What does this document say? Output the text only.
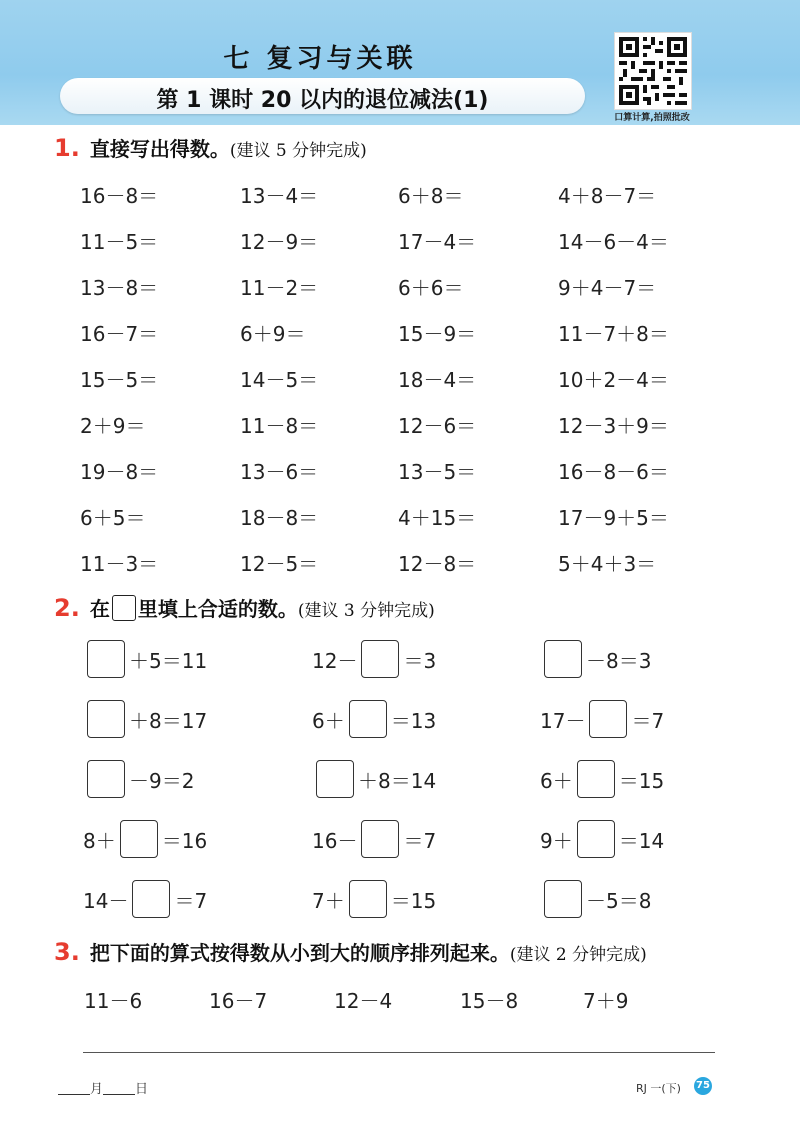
七 复习与关联
第 1 课时 20 以内的退位减法(1)
口算计算,拍照批改
1. 直接写出得数。(建议 5 分钟完成)
16－8＝	13－4＝	6＋8＝	4＋8－7＝
11－5＝	12－9＝	17－4＝	14－6－4＝
13－8＝	11－2＝	6＋6＝	9＋4－7＝
16－7＝	6＋9＝	15－9＝	11－7＋8＝
15－5＝	14－5＝	18－4＝	10＋2－4＝
2＋9＝	11－8＝	12－6＝	12－3＋9＝
19－8＝	13－6＝	13－5＝	16－8－6＝
6＋5＝	18－8＝	4＋15＝	17－9＋5＝
11－3＝	12－5＝	12－8＝	5＋4＋3＝
2. 在 里填上合适的数。(建议 3 分钟完成)
＋5＝11	12－ ＝3	－8＝3
＋8＝17	6＋ ＝13	17－ ＝7
－9＝2	＋8＝14	6＋ ＝15
8＋ ＝16	16－ ＝7	9＋ ＝14
14－ ＝7	7＋ ＝15	－5＝8
3. 把下面的算式按得数从小到大的顺序排列起来。(建议 2 分钟完成)
11－6	16－7	12－4	15－8	7＋9
月 日	RJ 一(下) 75
